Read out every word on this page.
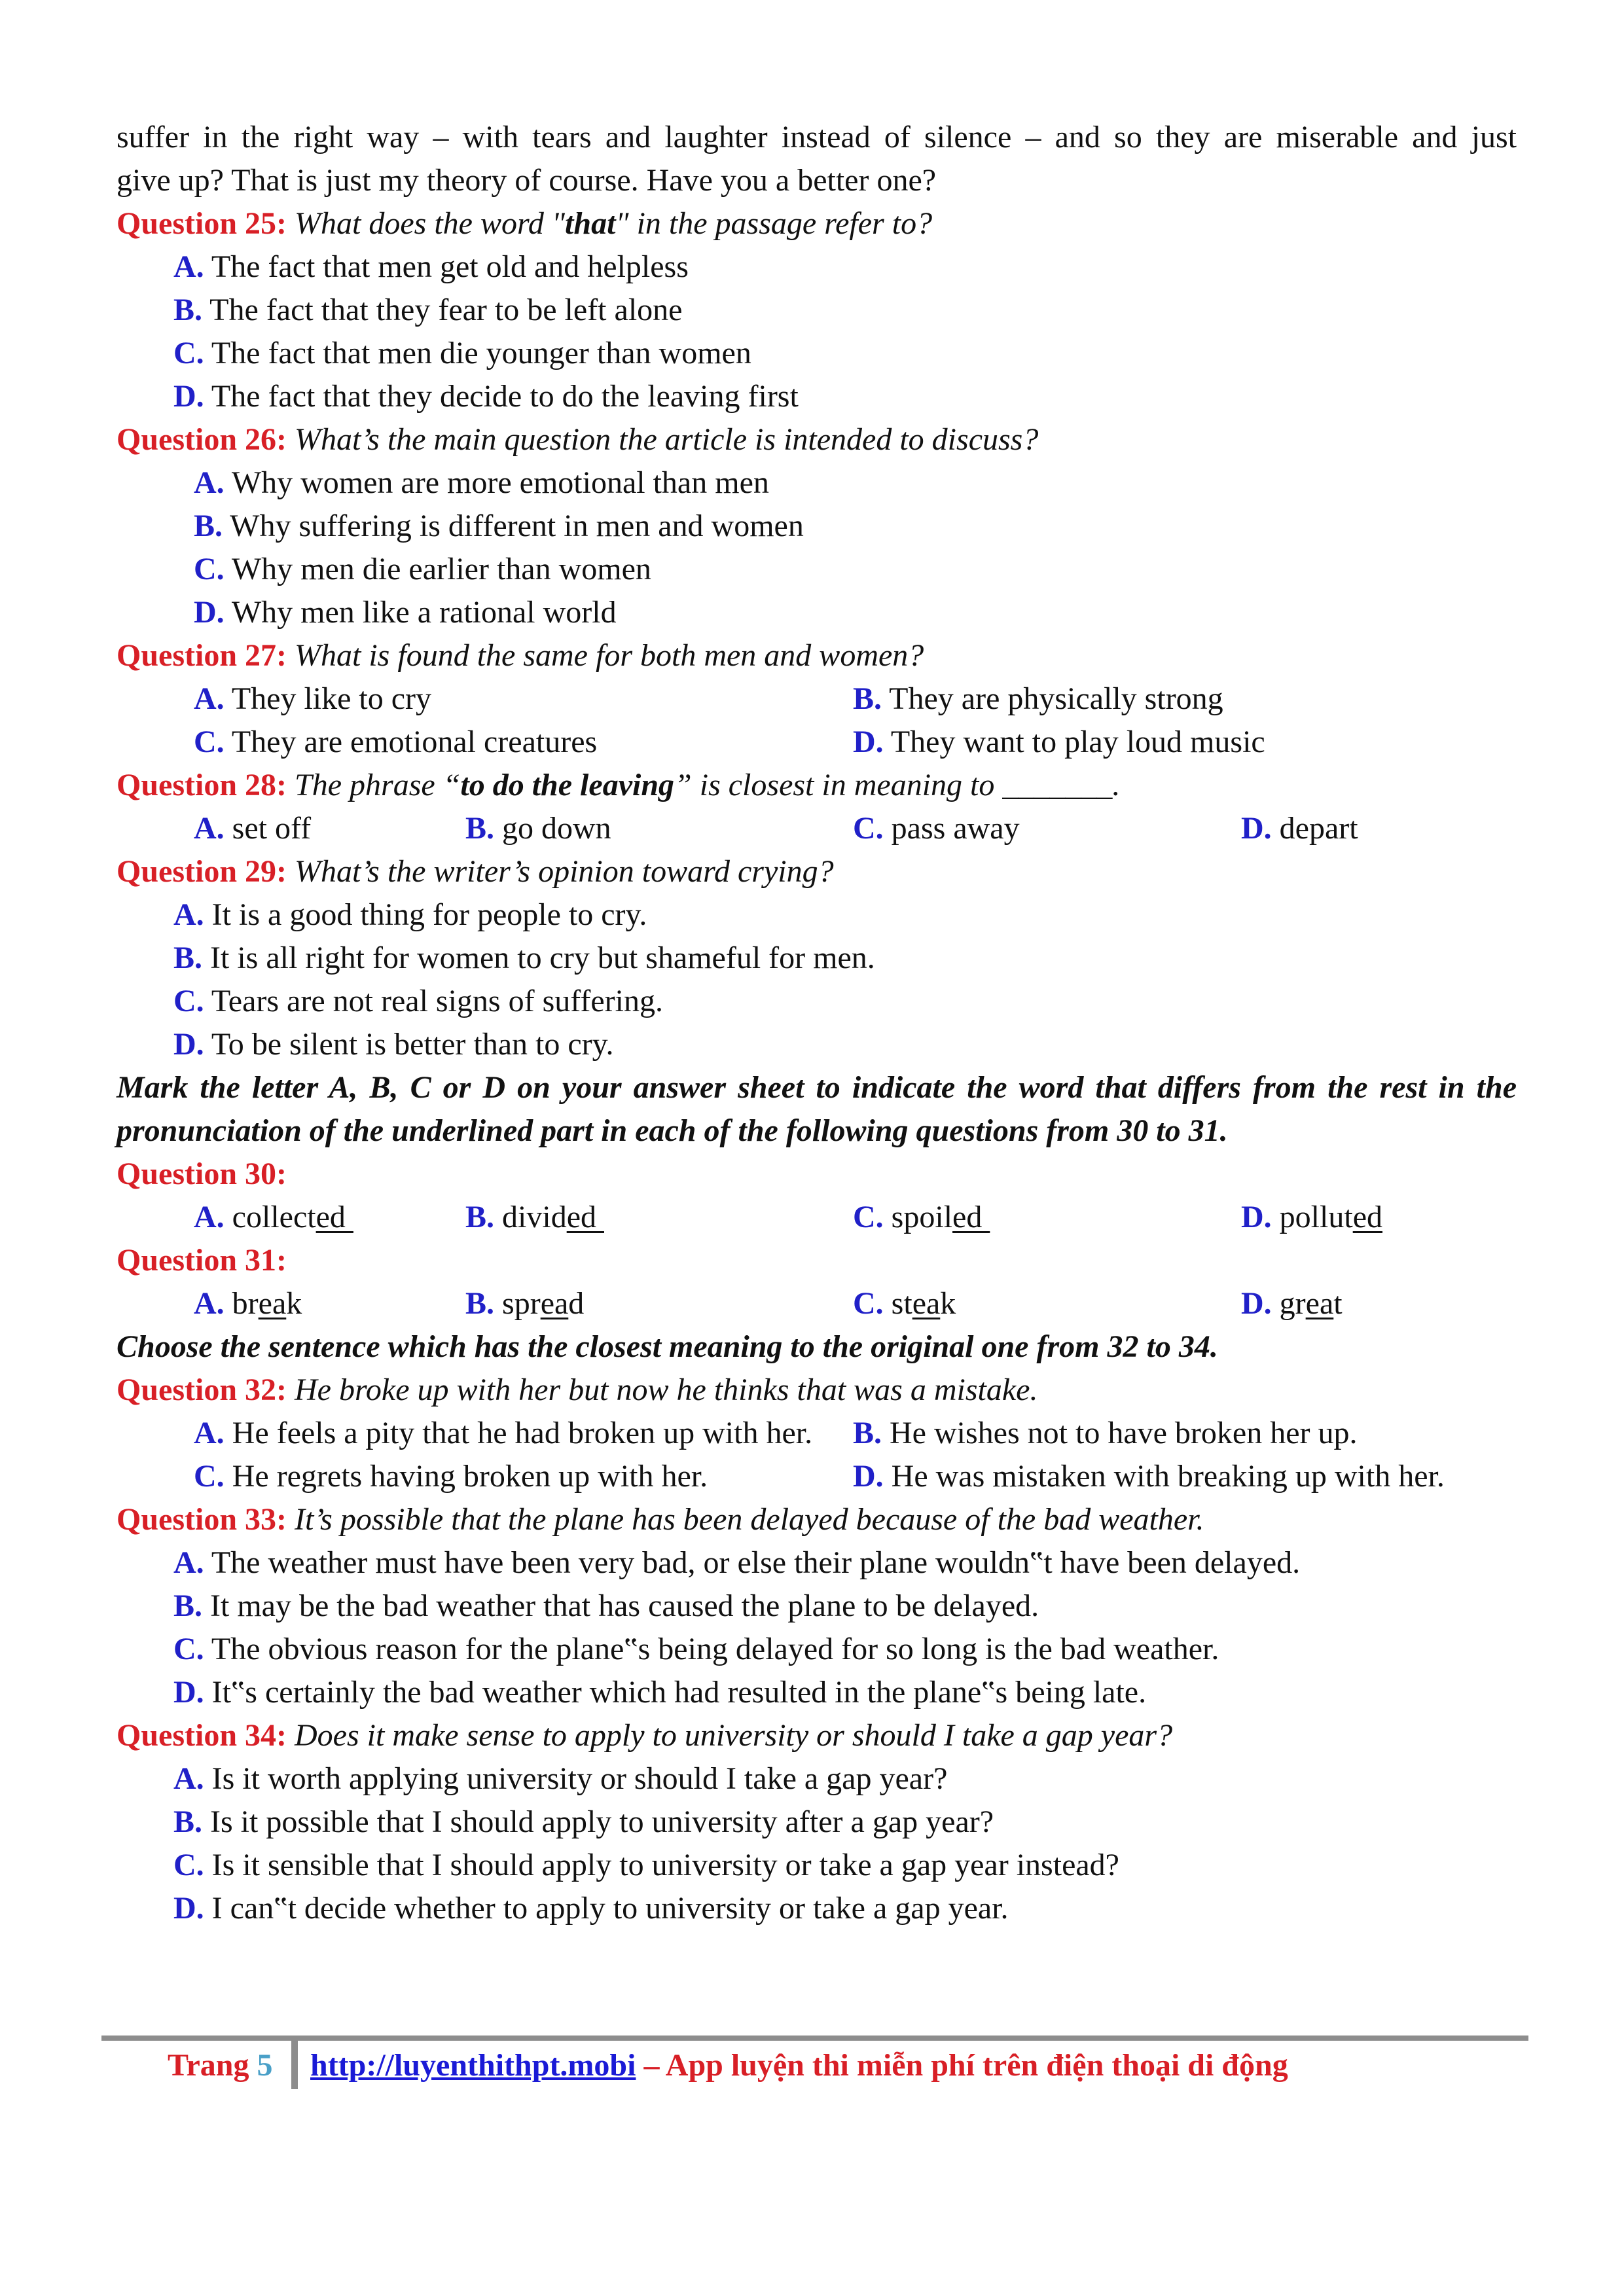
suffer in the right way – with tears and laughter instead of silence – and so they are miserable and just
give up? That is just my theory of course. Have you a better one?
Question 25: What does the word "that" in the passage refer to?
A. The fact that men get old and helpless
B. The fact that they fear to be left alone
C. The fact that men die younger than women
D. The fact that they decide to do the leaving first
Question 26: What’s the main question the article is intended to discuss?
A. Why women are more emotional than men
B. Why suffering is different in men and women
C. Why men die earlier than women
D. Why men like a rational world
Question 27: What is found the same for both men and women?
A. They like to cry	B. They are physically strong
C. They are emotional creatures	D. They want to play loud music
Question 28: The phrase “to do the leaving” is closest in meaning to _______.
A. set off	B. go down	C. pass away	D. depart
Question 29: What’s the writer’s opinion toward crying?
A. It is a good thing for people to cry.
B. It is all right for women to cry but shameful for men.
C. Tears are not real signs of suffering.
D. To be silent is better than to cry.
Mark the letter A, B, C or D on your answer sheet to indicate the word that differs from the rest in the
pronunciation of the underlined part in each of the following questions from 30 to 31.
Question 30:
A. collected	B. divided	C. spoiled	D. polluted
Question 31:
A. break	B. spread	C. steak	D. great
Choose the sentence which has the closest meaning to the original one from 32 to 34.
Question 32: He broke up with her but now he thinks that was a mistake.
A. He feels a pity that he had broken up with her. B. He wishes not to have broken her up.
C. He regrets having broken up with her.	D. He was mistaken with breaking up with her.
Question 33: It’s possible that the plane has been delayed because of the bad weather.
A. The weather must have been very bad, or else their plane wouldn‟t have been delayed.
B. It may be the bad weather that has caused the plane to be delayed.
C. The obvious reason for the plane‟s being delayed for so long is the bad weather.
D. It‟s certainly the bad weather which had resulted in the plane‟s being late.
Question 34: Does it make sense to apply to university or should I take a gap year?
A. Is it worth applying university or should I take a gap year?
B. Is it possible that I should apply to university after a gap year?
C. Is it sensible that I should apply to university or take a gap year instead?
D. I can‟t decide whether to apply to university or take a gap year.
Trang 5 http://luyenthithpt.mobi – App luyện thi miễn phí trên điện thoại di động
